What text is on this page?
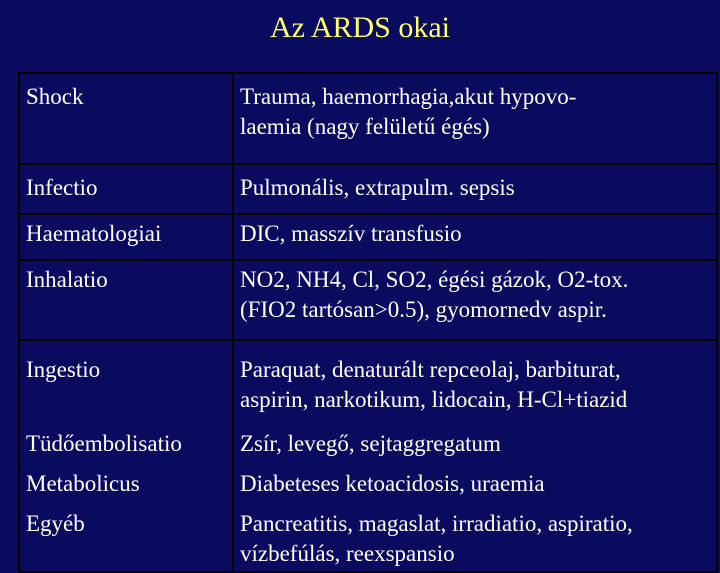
Az ARDS okai
Shock	Trauma, haemorrhagia,akut hypovo-
laemia (nagy felületű égés)

Infectio	Pulmonális, extrapulm. sepsis

Haematologiai	DIC, masszív transfusio

Inhalatio	NO2, NH4, Cl, SO2, égési gázok, O2-tox.
(FIO2 tartósan>0.5), gyomornedv aspir.

Ingestio	Paraquat, denaturált repceolaj, barbiturat,
aspirin, narkotikum, lidocain, H-Cl+tiazid

Tüdőembolisatio	Zsír, levegő, sejtaggregatum

Metabolicus	Diabeteses ketoacidosis, uraemia

Egyéb	Pancreatitis, magaslat, irradiatio, aspiratio,
vízbefúlás, reexspansio
